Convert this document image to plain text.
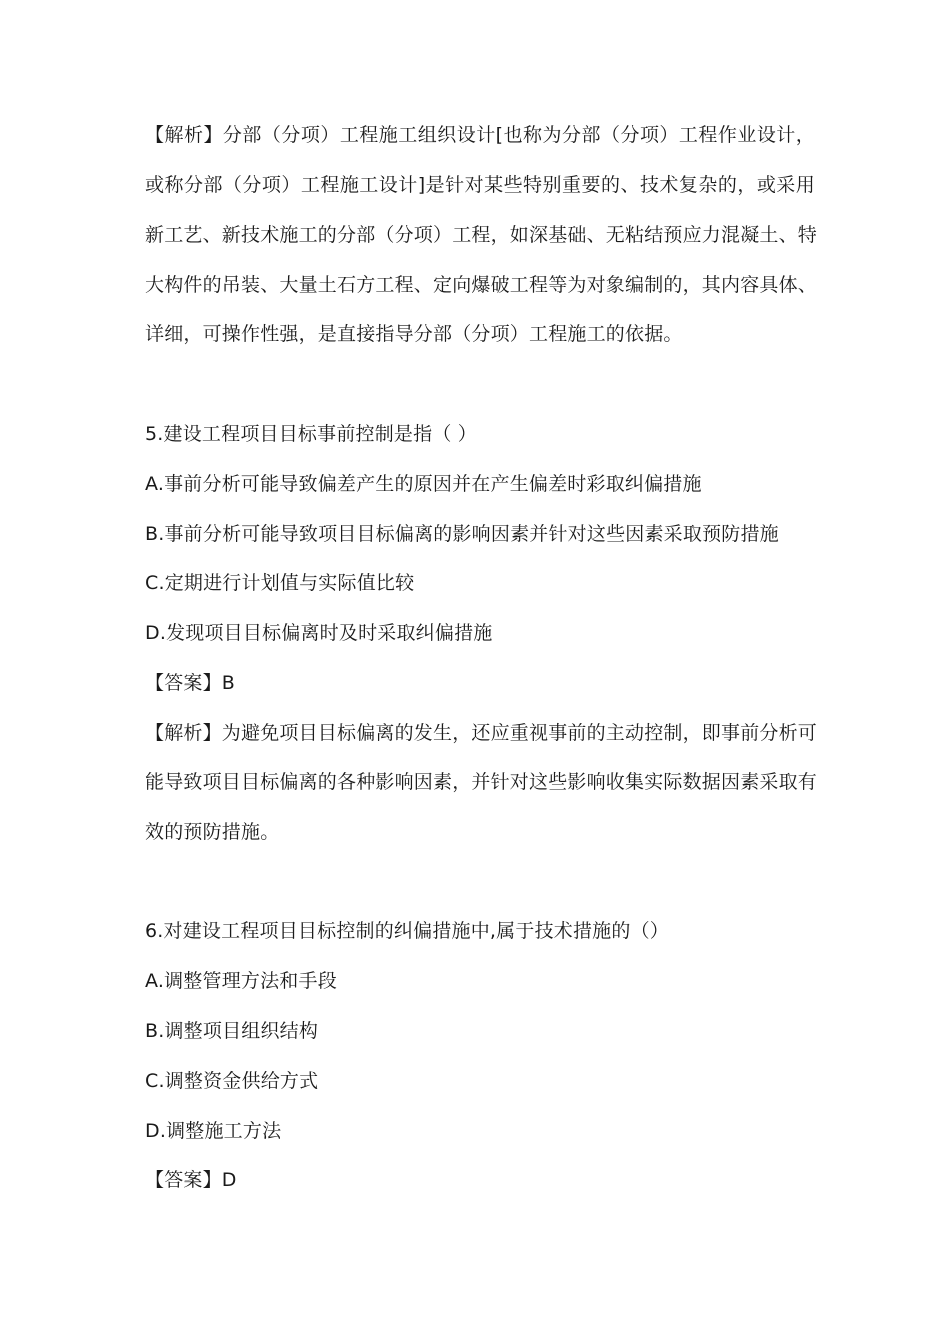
【解析】分部（分项）工程施工组织设计[也称为分部（分项）工程作业设计，
或称分部（分项）工程施工设计]是针对某些特别重要的、技术复杂的，或采用
新工艺、新技术施工的分部（分项）工程，如深基础、无粘结预应力混凝土、特
大构件的吊装、大量土石方工程、定向爆破工程等为对象编制的，其内容具体、
详细，可操作性强，是直接指导分部（分项）工程施工的依据。
5.建设工程项目目标事前控制是指（ ）
A.事前分析可能导致偏差产生的原因并在产生偏差时彩取纠偏措施
B.事前分析可能导致项目目标偏离的影响因素并针对这些因素采取预防措施
C.定期进行计划值与实际值比较
D.发现项目目标偏离时及时采取纠偏措施
【答案】B
【解析】为避免项目目标偏离的发生，还应重视事前的主动控制，即事前分析可
能导致项目目标偏离的各种影响因素，并针对这些影响收集实际数据因素采取有
效的预防措施。
6.对建设工程项目目标控制的纠偏措施中,属于技术措施的（）
A.调整管理方法和手段
B.调整项目组织结构
C.调整资金供给方式
D.调整施工方法
【答案】D
